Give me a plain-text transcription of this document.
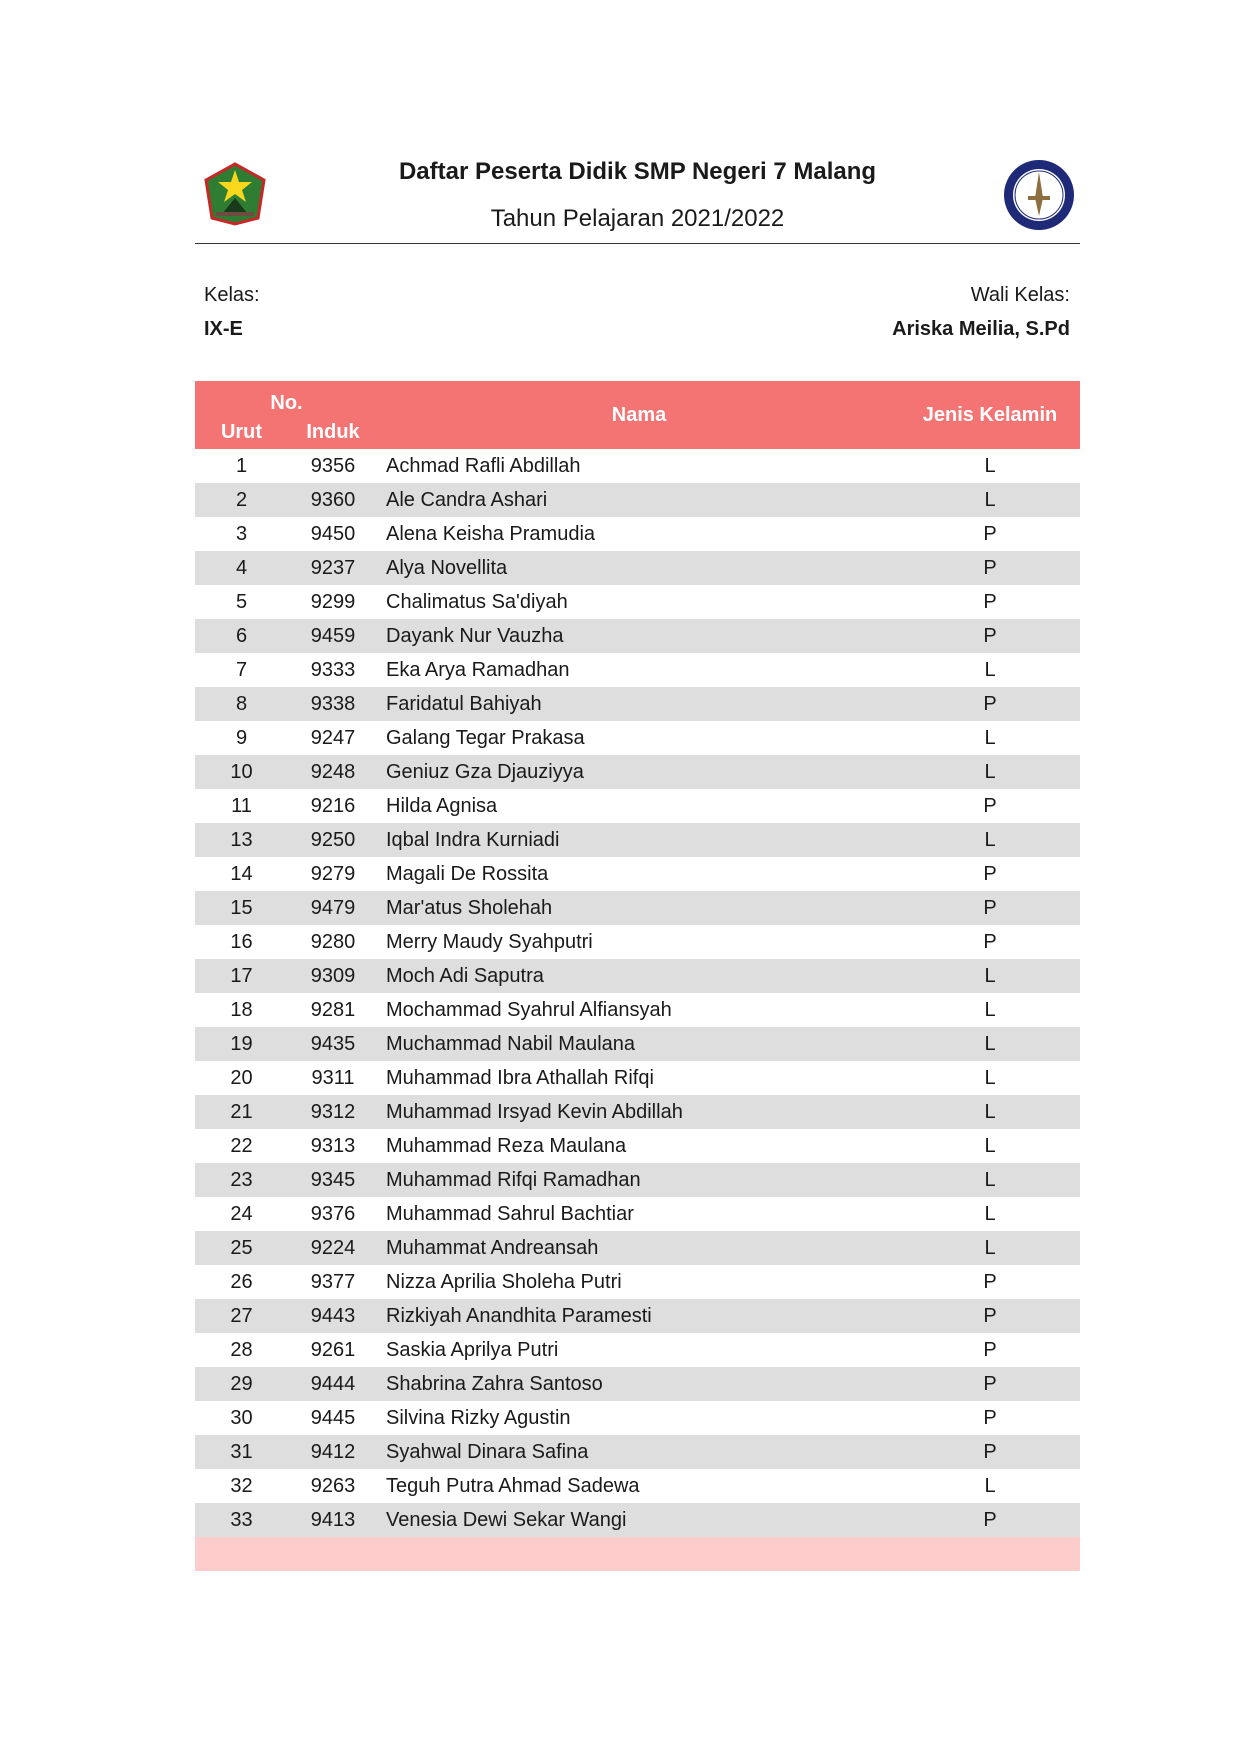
Daftar Peserta Didik SMP Negeri 7 Malang
Tahun Pelajaran 2021/2022
Kelas:
IX-E
Wali Kelas:
Ariska Meilia, S.Pd
No.		Nama	Jenis Kelamin
Urut	Induk		
1	9356	Achmad Rafli Abdillah	L
2	9360	Ale Candra Ashari	L
3	9450	Alena Keisha Pramudia	P
4	9237	Alya Novellita	P
5	9299	Chalimatus Sa'diyah	P
6	9459	Dayank Nur Vauzha	P
7	9333	Eka Arya Ramadhan	L
8	9338	Faridatul Bahiyah	P
9	9247	Galang Tegar Prakasa	L
10	9248	Geniuz Gza Djauziyya	L
11	9216	Hilda Agnisa	P
13	9250	Iqbal Indra Kurniadi	L
14	9279	Magali De Rossita	P
15	9479	Mar'atus Sholehah	P
16	9280	Merry Maudy Syahputri	P
17	9309	Moch Adi Saputra	L
18	9281	Mochammad Syahrul Alfiansyah	L
19	9435	Muchammad Nabil Maulana	L
20	9311	Muhammad Ibra Athallah Rifqi	L
21	9312	Muhammad Irsyad Kevin Abdillah	L
22	9313	Muhammad Reza Maulana	L
23	9345	Muhammad Rifqi Ramadhan	L
24	9376	Muhammad Sahrul Bachtiar	L
25	9224	Muhammat Andreansah	L
26	9377	Nizza Aprilia Sholeha Putri	P
27	9443	Rizkiyah Anandhita Paramesti	P
28	9261	Saskia Aprilya Putri	P
29	9444	Shabrina Zahra Santoso	P
30	9445	Silvina Rizky Agustin	P
31	9412	Syahwal Dinara Safina	P
32	9263	Teguh Putra Ahmad Sadewa	L
33	9413	Venesia Dewi Sekar Wangi	P
